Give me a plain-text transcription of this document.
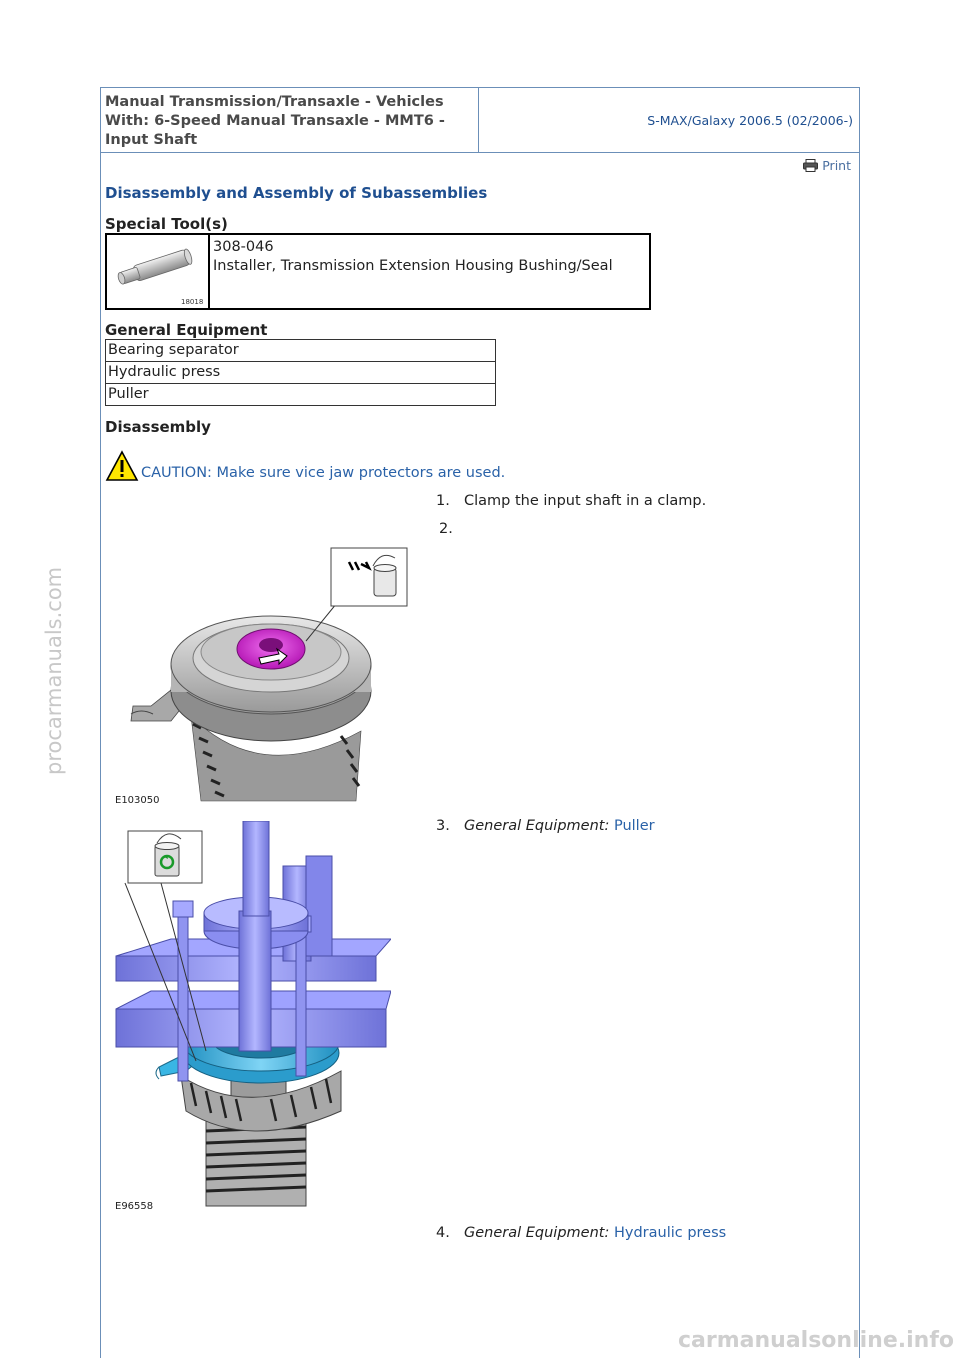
Manual Transmission/Transaxle - Vehicles
With: 6-Speed Manual Transaxle - MMT6 -
Input Shaft
S-MAX/Galaxy 2006.5 (02/2006-)
Print
Disassembly and Assembly of Subassemblies
Special Tool(s)
18018
308-046
Installer, Transmission Extension Housing Bushing/Seal
General Equipment
Bearing separator
Hydraulic press
Puller
Disassembly
CAUTION: Make sure vice jaw protectors are used.
1. Clamp the input shaft in a clamp.
2.
E103050
3. General Equipment: Puller
E96558
4. General Equipment: Hydraulic press
procarmanuals.com
carmanualsonline.info
